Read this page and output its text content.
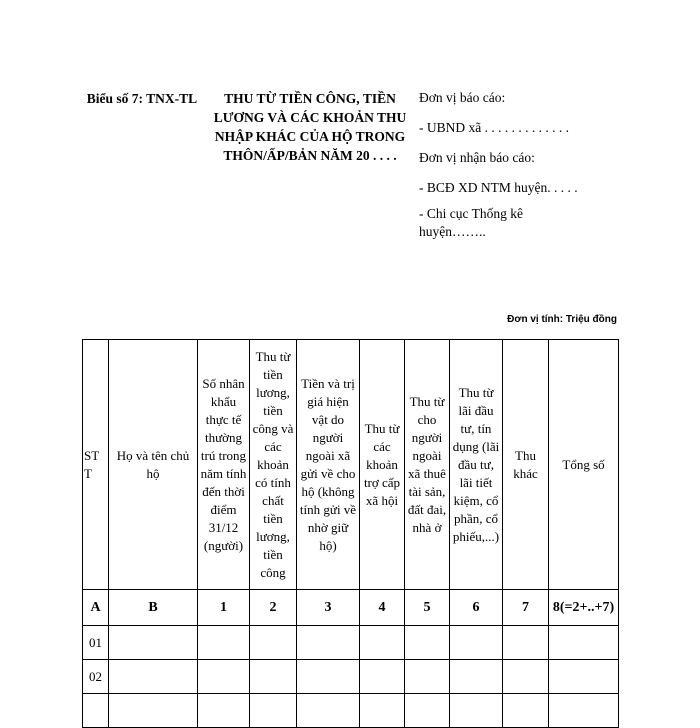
Biểu số 7: TNX-TL	THU TỪ TIỀN CÔNG, TIỀN LƯƠNG VÀ CÁC KHOẢN THU NHẬP KHÁC CỦA HỘ TRONG THÔN/ẤP/BẢN NĂM 20 . . . .

Đơn vị báo cáo:

- UBND xã . . . . . . . . . . . . .

Đơn vị nhận báo cáo:

- BCĐ XD NTM huyện. . . . .

- Chi cục Thống kê huyện……..

Đơn vị tính: Triệu đồng
STT	Họ và tên chủ hộ	Số nhân khẩu thực tế thường trú trong năm tính đến thời điểm 31/12 (người)	Thu từ tiền lương, tiền công và các khoản có tính chất tiền lương, tiền công	Tiền và trị giá hiện vật do người ngoài xã gửi về cho hộ (không tính gửi về nhờ giữ hộ)	Thu từ các khoản trợ cấp xã hội	Thu từ cho người ngoài xã thuê tài sản, đất đai, nhà ở	Thu từ lãi đầu tư, tín dụng (lãi đầu tư, lãi tiết kiệm, cổ phần, cổ phiếu,...)	Thu khác	Tổng số

A	B	1	2	3	4	5	6	7	8(=2+..+7)
01									
02									
